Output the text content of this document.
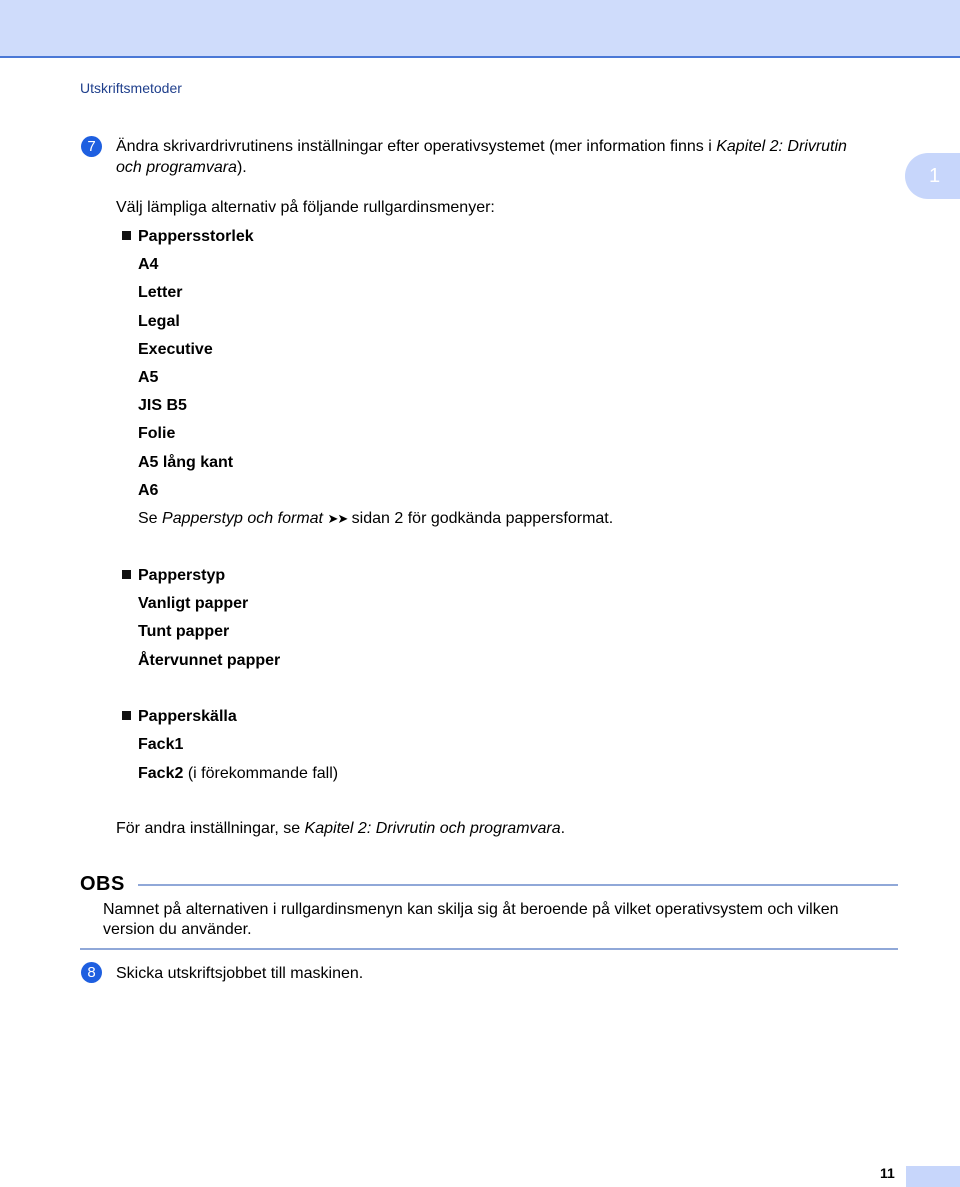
Utskriftsmetoder
1
7	Ändra skrivardrivrutinens inställningar efter operativsystemet (mer information finns i Kapitel 2: Drivrutin
och programvara).
Välj lämpliga alternativ på följande rullgardinsmenyer:
Pappersstorlek
A4
Letter
Legal
Executive
A5
JIS B5
Folie
A5 lång kant
A6
Se Papperstyp och format ➤➤ sidan 2 för godkända pappersformat.
Papperstyp
Vanligt papper
Tunt papper
Återvunnet papper
Papperskälla
Fack1
Fack2 (i förekommande fall)
För andra inställningar, se Kapitel 2: Drivrutin och programvara.
OBS
Namnet på alternativen i rullgardinsmenyn kan skilja sig åt beroende på vilket operativsystem och vilken
version du använder.
8	Skicka utskriftsjobbet till maskinen.
11
